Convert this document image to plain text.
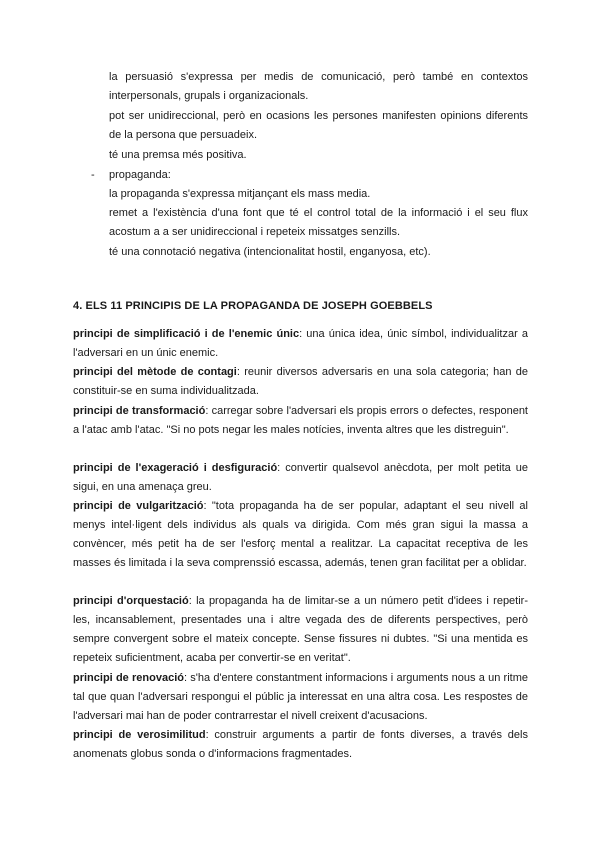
la persuasió s'expressa per medis de comunicació, però també en contextos interpersonals, grupals i organizacionals.

pot ser unidireccional, però en ocasions les persones manifesten opinions diferents de la persona que persuadeix.

té una premsa més positiva.

- propaganda:

la propaganda s'expressa mitjançant els mass media.

remet a l'existència d'una font que té el control total de la informació i el seu flux acostum a a ser unidireccional i repeteix missatges senzills.

té una connotació negativa (intencionalitat hostil, enganyosa, etc).

4. ELS 11 PRINCIPIS DE LA PROPAGANDA DE JOSEPH GOEBBELS

principi de simplificació i de l'enemic únic: una única idea, únic símbol, individualitzar a l'adversari en un únic enemic.

principi del mètode de contagi: reunir diversos adversaris en una sola categoria; han de constituir-se en suma individualitzada.

principi de transformació: carregar sobre l'adversari els propis errors o defectes, responent a l'atac amb l'atac. "Si no pots negar les males notícies, inventa altres que les distreguin".

principi de l'exageració i desfiguració: convertir qualsevol anècdota, per molt petita ue sigui, en una amenaça greu.

principi de vulgarització: "tota propaganda ha de ser popular, adaptant el seu nivell al menys intel·ligent dels individus als quals va dirigida. Com més gran sigui la massa a convèncer, més petit ha de ser l'esforç mental a realitzar. La capacitat receptiva de les masses és limitada i la seva comprenssió escassa, además, tenen gran facilitat per a oblidar.

principi d'orquestació: la propaganda ha de limitar-se a un número petit d'idees i repetir-les, incansablement, presentades una i altre vegada des de diferents perspectives, però sempre convergent sobre el mateix concepte. Sense fissures ni dubtes. "Si una mentida es repeteix suficientment, acaba per convertir-se en veritat".

principi de renovació: s'ha d'entere constantment informacions i arguments nous a un ritme tal que quan l'adversari respongui el públic ja interessat en una altra cosa. Les respostes de l'adversari mai han de poder contrarrestar el nivell creixent d'acusacions.

principi de verosimilitud: construir arguments a partir de fonts diverses, a través dels anomenats globus sonda o d'informacions fragmentades.
